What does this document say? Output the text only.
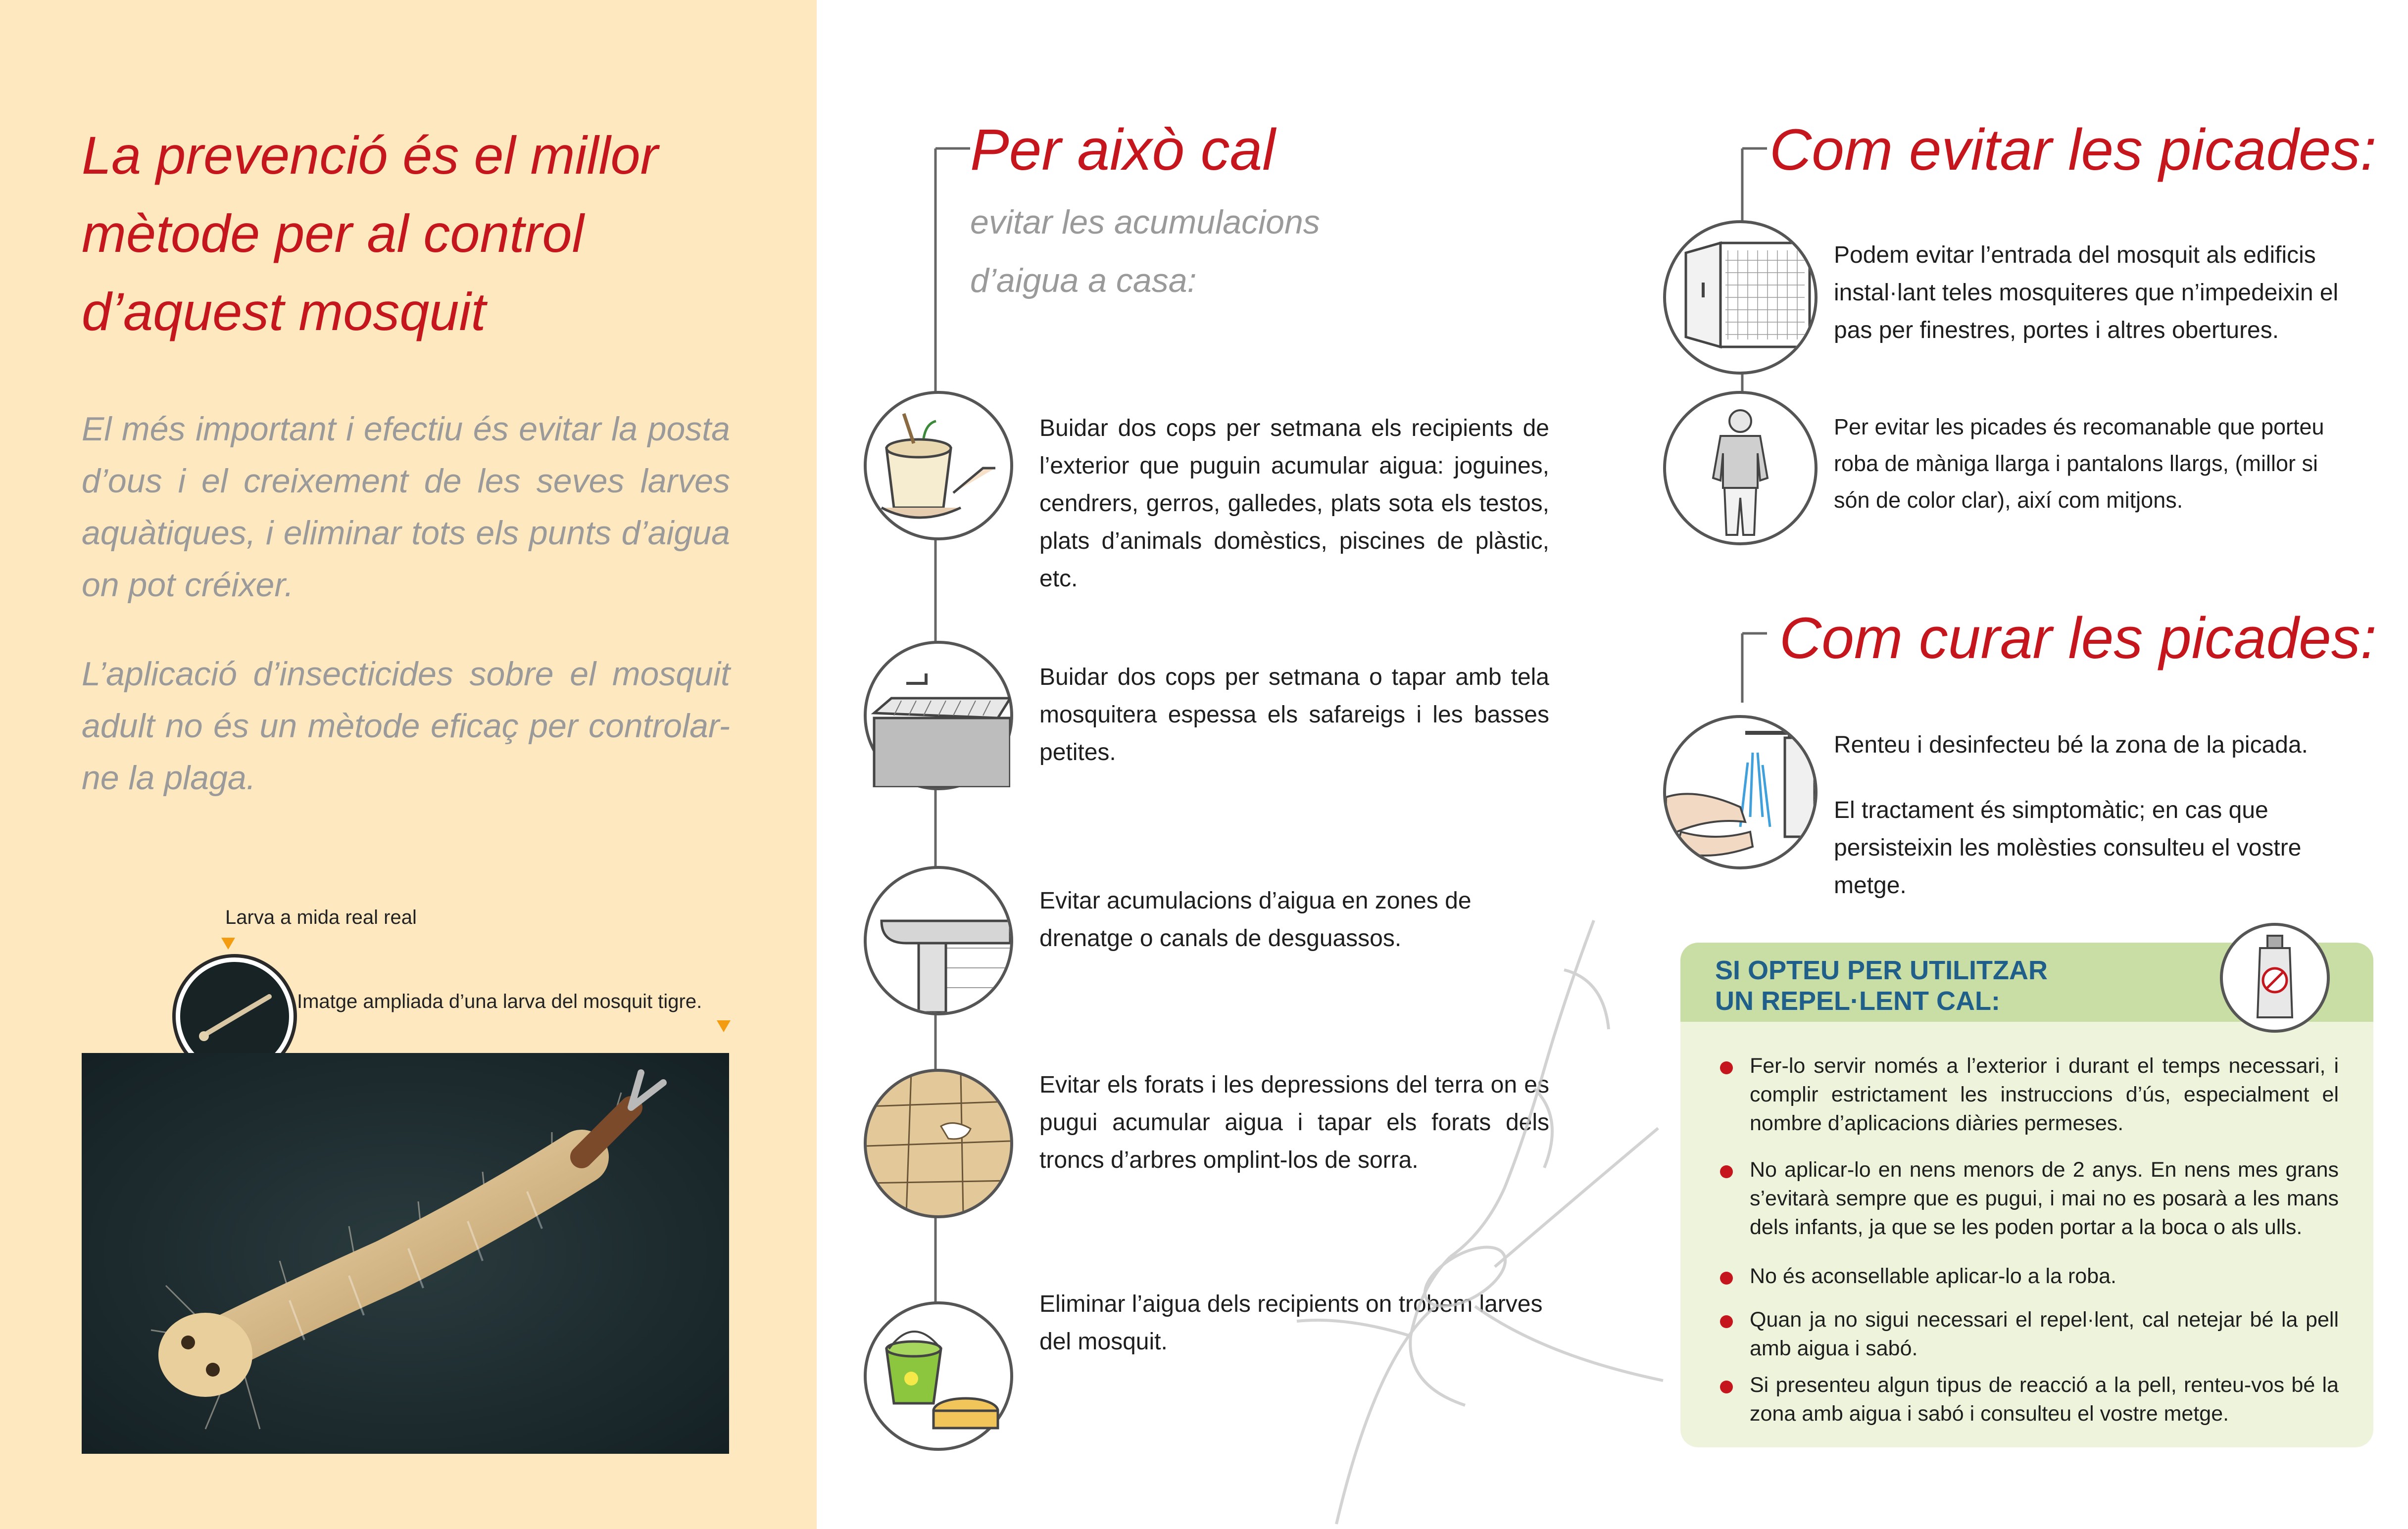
La prevenció és el millor mètode per al control d’aquest mosquit
El més important i efectiu és evitar la posta d’ous i el creixement de les seves larves aquàtiques, i eliminar tots els punts d’aigua on pot créixer.
L’aplicació d’insecticides sobre el mosquit adult no és un mètode eficaç per controlar-ne la plaga.
Larva a mida real real
Imatge ampliada d’una larva del mosquit tigre.
Per això cal
evitar les acumulacions d’aigua a casa:
Buidar dos cops per setmana els recipients de l’exterior que puguin acumular aigua: joguines, cendrers, gerros, galledes, plats sota els testos, plats d’animals domèstics, piscines de plàstic, etc.
Buidar dos cops per setmana o tapar amb tela mosquitera espessa els safareigs i les basses petites.
Evitar acumulacions d’aigua en zones de drenatge o canals de desguassos.
Evitar els forats i les depressions del terra on es pugui acumular aigua i tapar els forats dels troncs d’arbres omplint-los de sorra.
Eliminar l’aigua dels recipients on trobem larves del mosquit.
Com evitar les picades:
Podem evitar l’entrada del mosquit als edificis instal·lant teles mosquiteres que n’impedeixin el pas per finestres, portes i altres obertures.
Per evitar les picades és recomanable que porteu roba de màniga llarga i pantalons llargs, (millor si són de color clar), així com mitjons.
Com curar les picades:
Renteu i desinfecteu bé la zona de la picada.
El tractament és simptomàtic; en cas que persisteixin les molèsties consulteu el vostre metge.
SI OPTEU PER UTILITZAR
UN REPEL·LENT CAL:
Fer-lo servir només a l’exterior i durant el temps necessari, i complir estrictament les instruccions d’ús, especialment el nombre d’aplicacions diàries permeses.
No aplicar-lo en nens menors de 2 anys. En nens mes grans s’evitarà sempre que es pugui, i mai no es posarà a les mans dels infants, ja que se les poden portar a la boca o als ulls.
No és aconsellable aplicar-lo a la roba.
Quan ja no sigui necessari el repel·lent, cal netejar bé la pell amb aigua i sabó.
Si presenteu algun tipus de reacció a la pell, renteu-vos bé la zona amb aigua i sabó i consulteu el vostre metge.
